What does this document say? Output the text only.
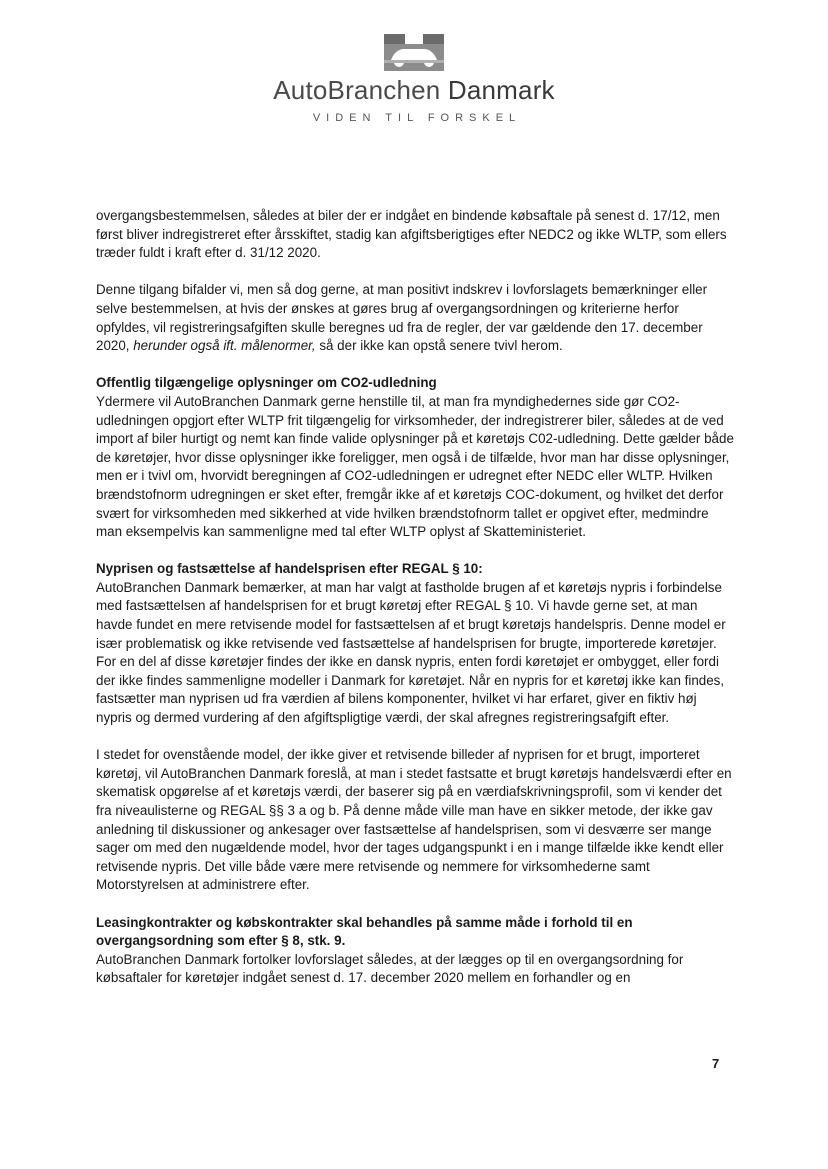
AutoBranchen Danmark
VIDEN TIL FORSKEL

overgangsbestemmelsen, således at biler der er indgået en bindende købsaftale på senest d. 17/12, men først bliver indregistreret efter årsskiftet, stadig kan afgiftsberigtiges efter NEDC2 og ikke WLTP, som ellers træder fuldt i kraft efter d. 31/12 2020.

Denne tilgang bifalder vi, men så dog gerne, at man positivt indskrev i lovforslagets bemærkninger eller selve bestemmelsen, at hvis der ønskes at gøres brug af overgangsordningen og kriterierne herfor opfyldes, vil registreringsafgiften skulle beregnes ud fra de regler, der var gældende den 17. december 2020, herunder også ift. målenormer, så der ikke kan opstå senere tvivl herom.

Offentlig tilgængelige oplysninger om CO2-udledning

Ydermere vil AutoBranchen Danmark gerne henstille til, at man fra myndighedernes side gør CO2-udledningen opgjort efter WLTP frit tilgængelig for virksomheder, der indregistrerer biler, således at de ved import af biler hurtigt og nemt kan finde valide oplysninger på et køretøjs C02-udledning. Dette gælder både de køretøjer, hvor disse oplysninger ikke foreligger, men også i de tilfælde, hvor man har disse oplysninger, men er i tvivl om, hvorvidt beregningen af CO2-udledningen er udregnet efter NEDC eller WLTP. Hvilken brændstofnorm udregningen er sket efter, fremgår ikke af et køretøjs COC-dokument, og hvilket det derfor svært for virksomheden med sikkerhed at vide hvilken brændstofnorm tallet er opgivet efter, medmindre man eksempelvis kan sammenligne med tal efter WLTP oplyst af Skatteministeriet.

Nyprisen og fastsættelse af handelsprisen efter REGAL § 10:

AutoBranchen Danmark bemærker, at man har valgt at fastholde brugen af et køretøjs nypris i forbindelse med fastsættelsen af handelsprisen for et brugt køretøj efter REGAL § 10. Vi havde gerne set, at man havde fundet en mere retvisende model for fastsættelsen af et brugt køretøjs handelspris. Denne model er især problematisk og ikke retvisende ved fastsættelse af handelsprisen for brugte, importerede køretøjer. For en del af disse køretøjer findes der ikke en dansk nypris, enten fordi køretøjet er ombygget, eller fordi der ikke findes sammenligne modeller i Danmark for køretøjet. Når en nypris for et køretøj ikke kan findes, fastsætter man nyprisen ud fra værdien af bilens komponenter, hvilket vi har erfaret, giver en fiktiv høj nypris og dermed vurdering af den afgiftspligtige værdi, der skal afregnes registreringsafgift efter.

I stedet for ovenstående model, der ikke giver et retvisende billeder af nyprisen for et brugt, importeret køretøj, vil AutoBranchen Danmark foreslå, at man i stedet fastsatte et brugt køretøjs handelsværdi efter en skematisk opgørelse af et køretøjs værdi, der baserer sig på en værdiafskrivningsprofil, som vi kender det fra niveaulisterne og REGAL §§ 3 a og b. På denne måde ville man have en sikker metode, der ikke gav anledning til diskussioner og ankesager over fastsættelse af handelsprisen, som vi desværre ser mange sager om med den nugældende model, hvor der tages udgangspunkt i en i mange tilfælde ikke kendt eller retvisende nypris. Det ville både være mere retvisende og nemmere for virksomhederne samt Motorstyrelsen at administrere efter.

Leasingkontrakter og købskontrakter skal behandles på samme måde i forhold til en overgangsordning som efter § 8, stk. 9.

AutoBranchen Danmark fortolker lovforslaget således, at der lægges op til en overgangsordning for købsaftaler for køretøjer indgået senest d. 17. december 2020 mellem en forhandler og en

7
